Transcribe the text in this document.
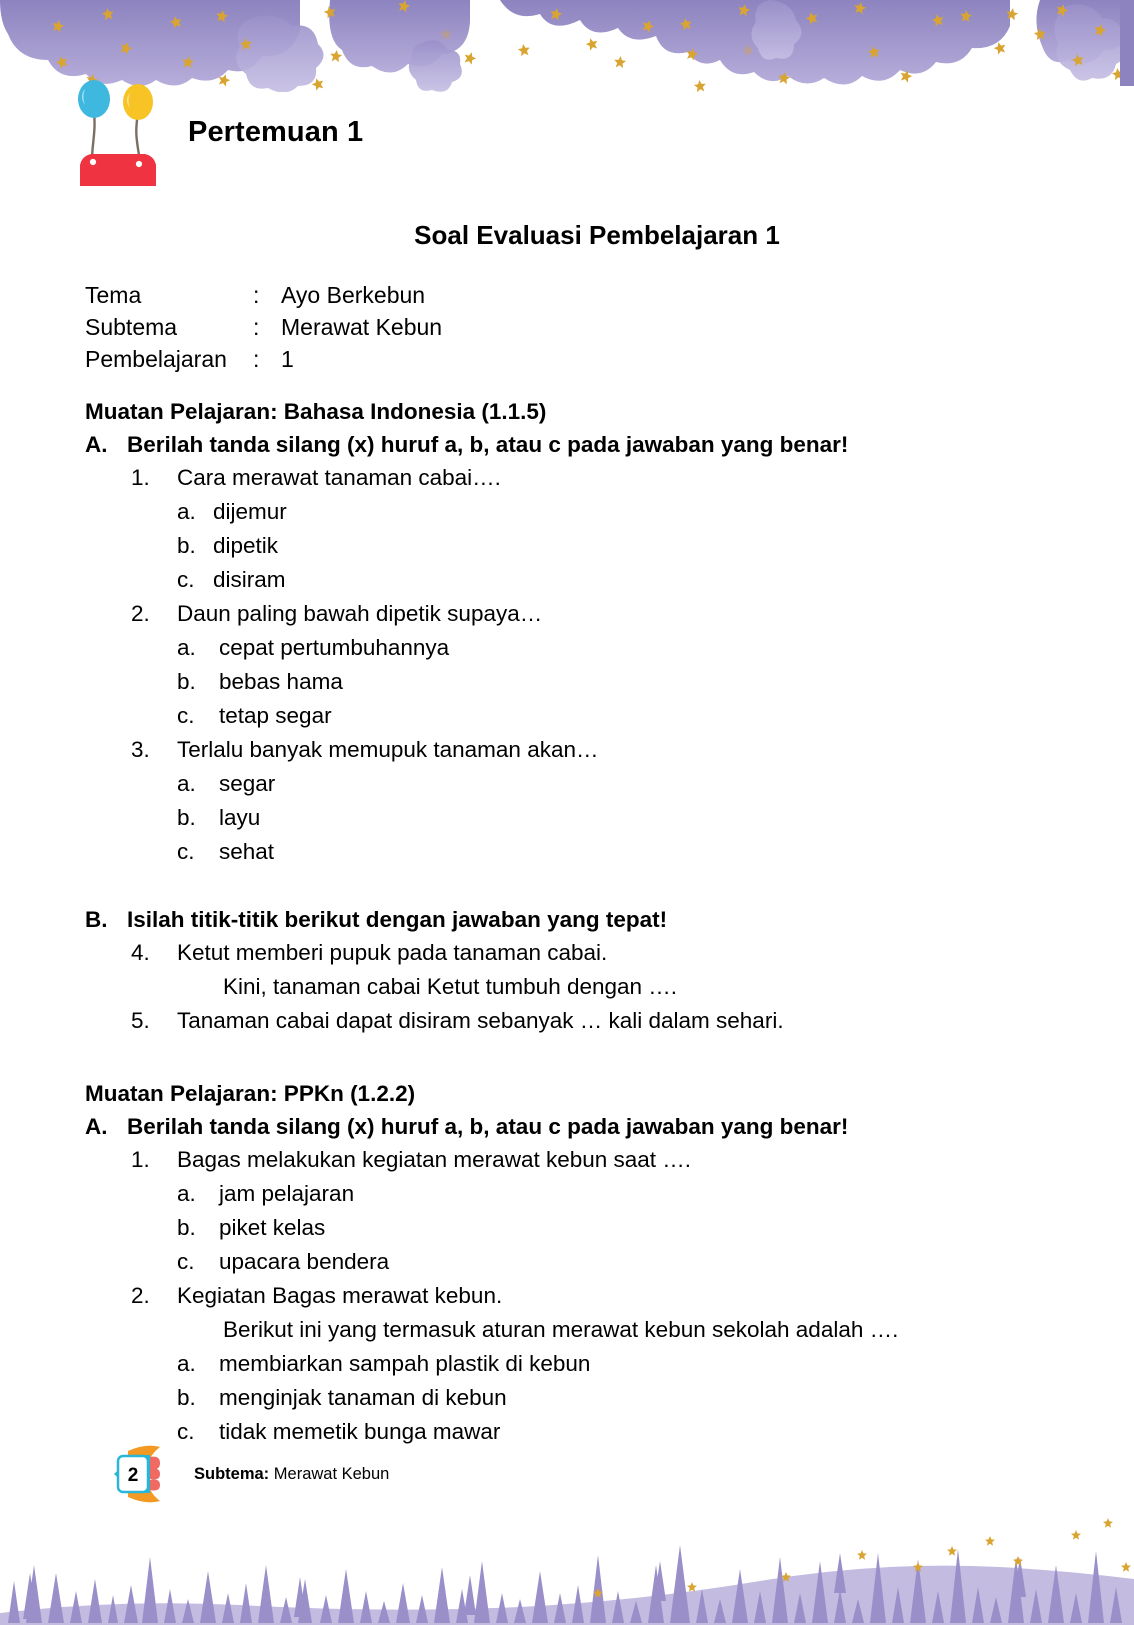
Pertemuan 1
Soal Evaluasi Pembelajaran 1
Tema	: Ayo Berkebun
Subtema	: Merawat Kebun
Pembelajaran	: 1
Muatan Pelajaran: Bahasa Indonesia (1.1.5)
A. Berilah tanda silang (x) huruf a, b, atau c pada jawaban yang benar!
1.	Cara merawat tanaman cabai….
a. dijemur
b. dipetik
c. disiram
2.	Daun paling bawah dipetik supaya…
a.	cepat pertumbuhannya
b.	bebas hama
c.	tetap segar
3.	Terlalu banyak memupuk tanaman akan…
a.	segar
b.	layu
c.	sehat
B. Isilah titik-titik berikut dengan jawaban yang tepat!
4.	Ketut memberi pupuk pada tanaman cabai.
Kini, tanaman cabai Ketut tumbuh dengan ….
5.	Tanaman cabai dapat disiram sebanyak … kali dalam sehari.
Muatan Pelajaran: PPKn (1.2.2)
A. Berilah tanda silang (x) huruf a, b, atau c pada jawaban yang benar!
1.	Bagas melakukan kegiatan merawat kebun saat ….
a.	jam pelajaran
b.	piket kelas
c.	upacara bendera
2.	Kegiatan Bagas merawat kebun.
Berikut ini yang termasuk aturan merawat kebun sekolah adalah ….
a.	membiarkan sampah plastik di kebun
b.	menginjak tanaman di kebun
c.	tidak memetik bunga mawar
2	Subtema: Merawat Kebun
